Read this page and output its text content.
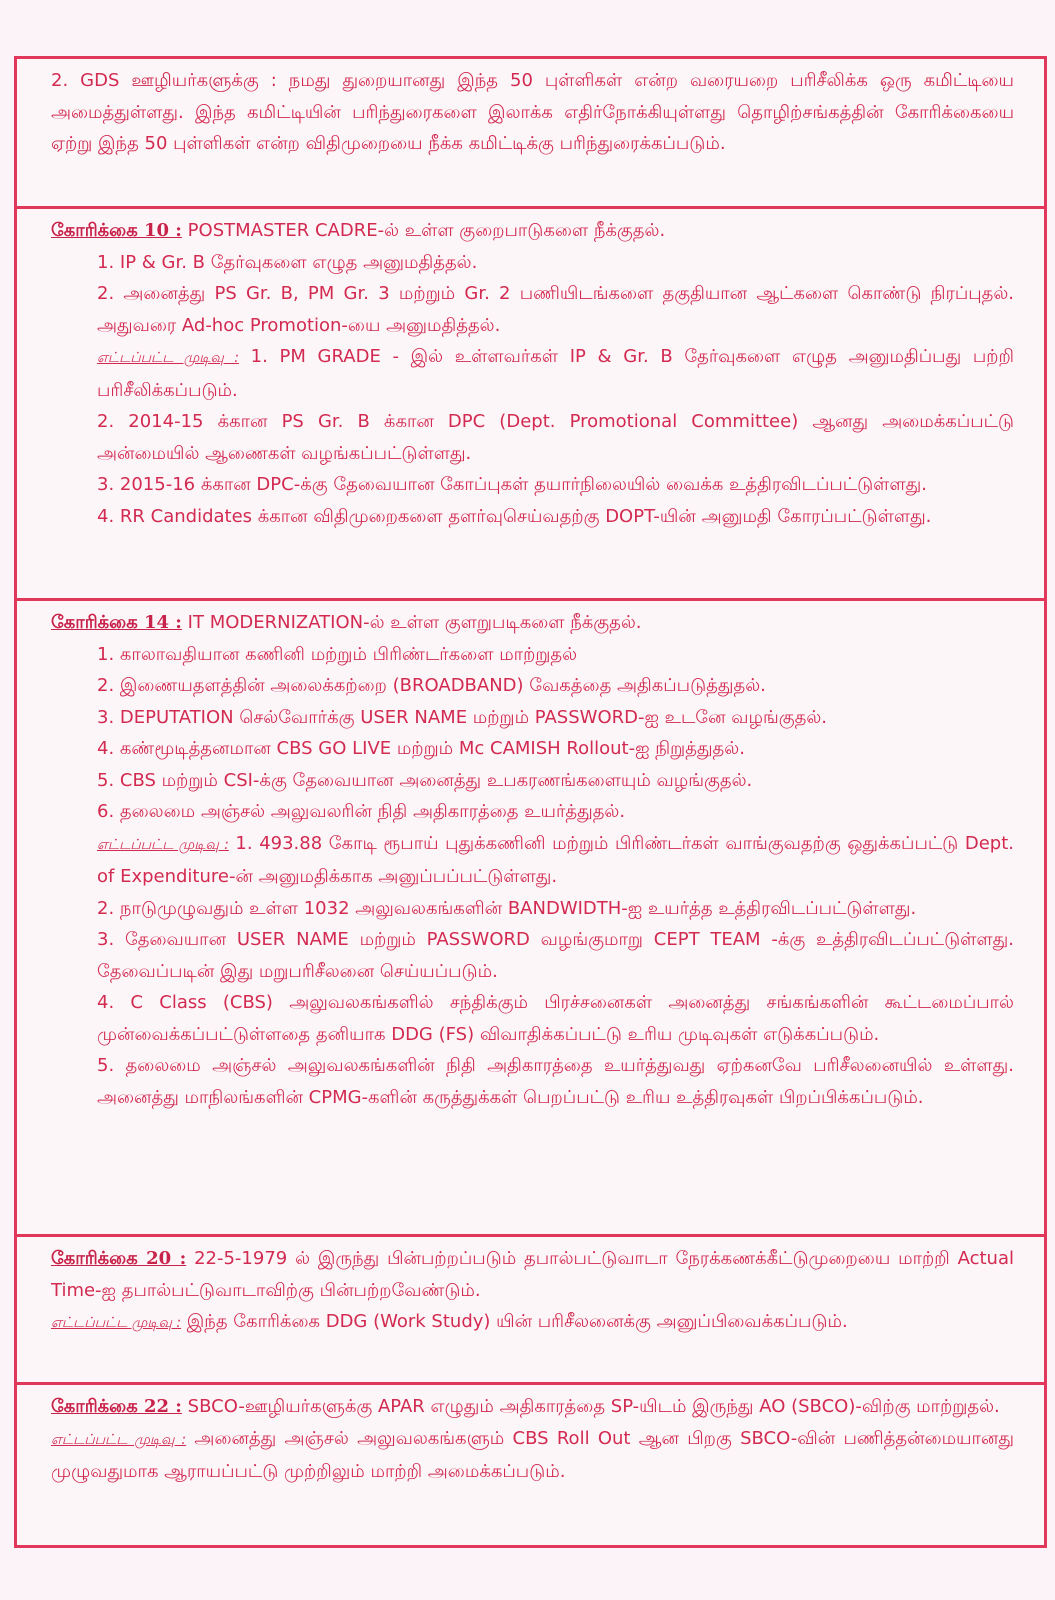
2. GDS ஊழியர்களுக்கு : நமது துறையானது இந்த 50 புள்ளிகள் என்ற வரையறை பரிசீலிக்க ஒரு கமிட்டியை அமைத்துள்ளது. இந்த கமிட்டியின் பரிந்துரைகளை இலாக்க எதிர்நோக்கியுள்ளது தொழிற்சங்கத்தின் கோரிக்கையை ஏற்று இந்த 50 புள்ளிகள் என்ற விதிமுறையை நீக்க கமிட்டிக்கு பரிந்துரைக்கப்படும்.

கோரிக்கை 10 : POSTMASTER CADRE-ல் உள்ள குறைபாடுகளை நீக்குதல்.

1. IP & Gr. B தேர்வுகளை எழுத அனுமதித்தல்.

2. அனைத்து PS Gr. B, PM Gr. 3 மற்றும் Gr. 2 பணியிடங்களை தகுதியான ஆட்களை கொண்டு நிரப்புதல். அதுவரை Ad-hoc Promotion-யை அனுமதித்தல்.

எட்டப்பட்ட முடிவு : 1. PM GRADE - இல் உள்ளவர்கள் IP & Gr. B தேர்வுகளை எழுத அனுமதிப்பது பற்றி பரிசீலிக்கப்படும்.

2. 2014-15 க்கான PS Gr. B க்கான DPC (Dept. Promotional Committee) ஆனது அமைக்கப்பட்டு அன்மையில் ஆணைகள் வழங்கப்பட்டுள்ளது.

3. 2015-16 க்கான DPC-க்கு தேவையான கோப்புகள் தயார்நிலையில் வைக்க உத்திரவிடப்பட்டுள்ளது.

4. RR Candidates க்கான விதிமுறைகளை தளர்வுசெய்வதற்கு DOPT-யின் அனுமதி கோரப்பட்டுள்ளது.

கோரிக்கை 14 : IT MODERNIZATION-ல் உள்ள குளறுபடிகளை நீக்குதல்.

1. காலாவதியான கணினி மற்றும் பிரிண்டர்களை மாற்றுதல்

2. இணையதளத்தின் அலைக்கற்றை (BROADBAND) வேகத்தை அதிகப்படுத்துதல்.

3. DEPUTATION செல்வோர்க்கு USER NAME மற்றும் PASSWORD-ஐ உடனே வழங்குதல்.

4. கண்மூடித்தனமான CBS GO LIVE மற்றும் Mc CAMISH Rollout-ஐ நிறுத்துதல்.

5. CBS மற்றும் CSI-க்கு தேவையான அனைத்து உபகரணங்களையும் வழங்குதல்.

6. தலைமை அஞ்சல் அலுவலரின் நிதி அதிகாரத்தை உயர்த்துதல்.

எட்டப்பட்ட முடிவு : 1. 493.88 கோடி ரூபாய் புதுக்கணினி மற்றும் பிரிண்டர்கள் வாங்குவதற்கு ஒதுக்கப்பட்டு Dept. of Expenditure-ன் அனுமதிக்காக அனுப்பப்பட்டுள்ளது.

2. நாடுமுழுவதும் உள்ள 1032 அலுவலகங்களின் BANDWIDTH-ஐ உயர்த்த உத்திரவிடப்பட்டுள்ளது.

3. தேவையான USER NAME மற்றும் PASSWORD வழங்குமாறு CEPT TEAM -க்கு உத்திரவிடப்பட்டுள்ளது. தேவைப்படின் இது மறுபரிசீலனை செய்யப்படும்.

4. C Class (CBS) அலுவலகங்களில் சந்திக்கும் பிரச்சனைகள் அனைத்து சங்கங்களின் கூட்டமைப்பால் முன்வைக்கப்பட்டுள்ளதை தனியாக DDG (FS) விவாதிக்கப்பட்டு உரிய முடிவுகள் எடுக்கப்படும்.

5. தலைமை அஞ்சல் அலுவலகங்களின் நிதி அதிகாரத்தை உயர்த்துவது ஏற்கனவே பரிசீலனையில் உள்ளது. அனைத்து மாநிலங்களின் CPMG-களின் கருத்துக்கள் பெறப்பட்டு உரிய உத்திரவுகள் பிறப்பிக்கப்படும்.

கோரிக்கை 20 : 22-5-1979 ல் இருந்து பின்பற்றப்படும் தபால்பட்டுவாடா நேரக்கணக்கீட்டுமுறையை மாற்றி Actual Time-ஐ தபால்பட்டுவாடாவிற்கு பின்பற்றவேண்டும்.

எட்டப்பட்ட முடிவு : இந்த கோரிக்கை DDG (Work Study) யின் பரிசீலனைக்கு அனுப்பிவைக்கப்படும்.

கோரிக்கை 22 : SBCO-ஊழியர்களுக்கு APAR எழுதும் அதிகாரத்தை SP-யிடம் இருந்து AO (SBCO)-விற்கு மாற்றுதல்.

எட்டப்பட்ட முடிவு : அனைத்து அஞ்சல் அலுவலகங்களும் CBS Roll Out ஆன பிறகு SBCO-வின் பணித்தன்மையானது முழுவதுமாக ஆராயப்பட்டு முற்றிலும் மாற்றி அமைக்கப்படும்.
